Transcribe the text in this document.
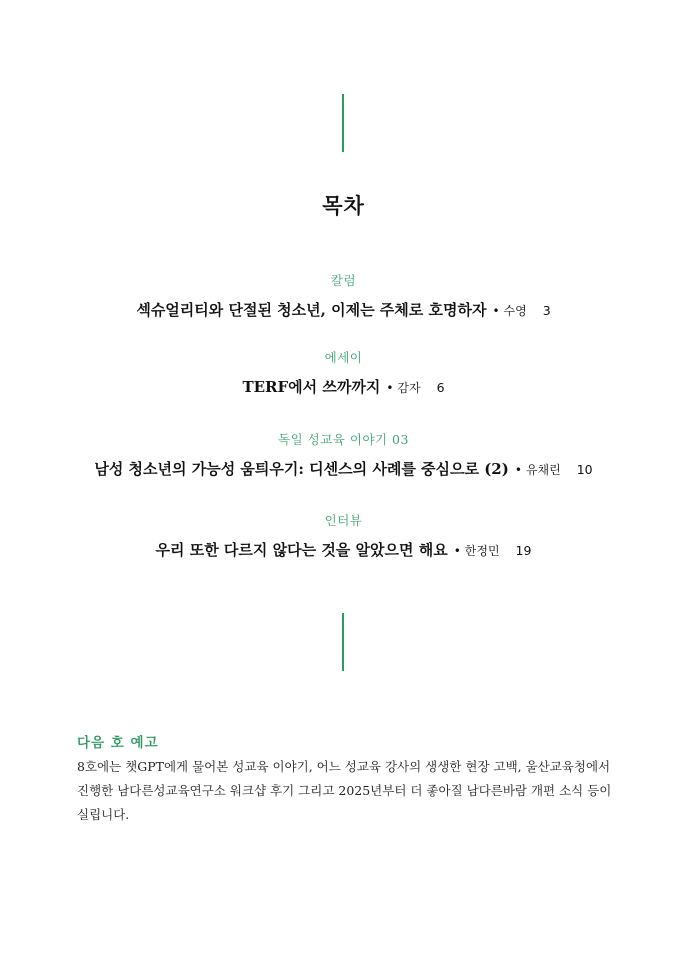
목차
칼럼
섹슈얼리티와 단절된 청소년, 이제는 주체로 호명하자 • 수영 3
에세이
TERF에서 쓰까까지 • 감자 6
독일 성교육 이야기 03
남성 청소년의 가능성 움틔우기: 디센스의 사례를 중심으로 (2) • 유채린 10
인터뷰
우리 또한 다르지 않다는 것을 알았으면 해요 • 한정민 19
다음 호 예고
8호에는 챗GPT에게 물어본 성교육 이야기, 어느 성교육 강사의 생생한 현장 고백, 울산교육청에서 진행한 남다른성교육연구소 워크샵 후기 그리고 2025년부터 더 좋아질 남다른바람 개편 소식 등이 실립니다.
